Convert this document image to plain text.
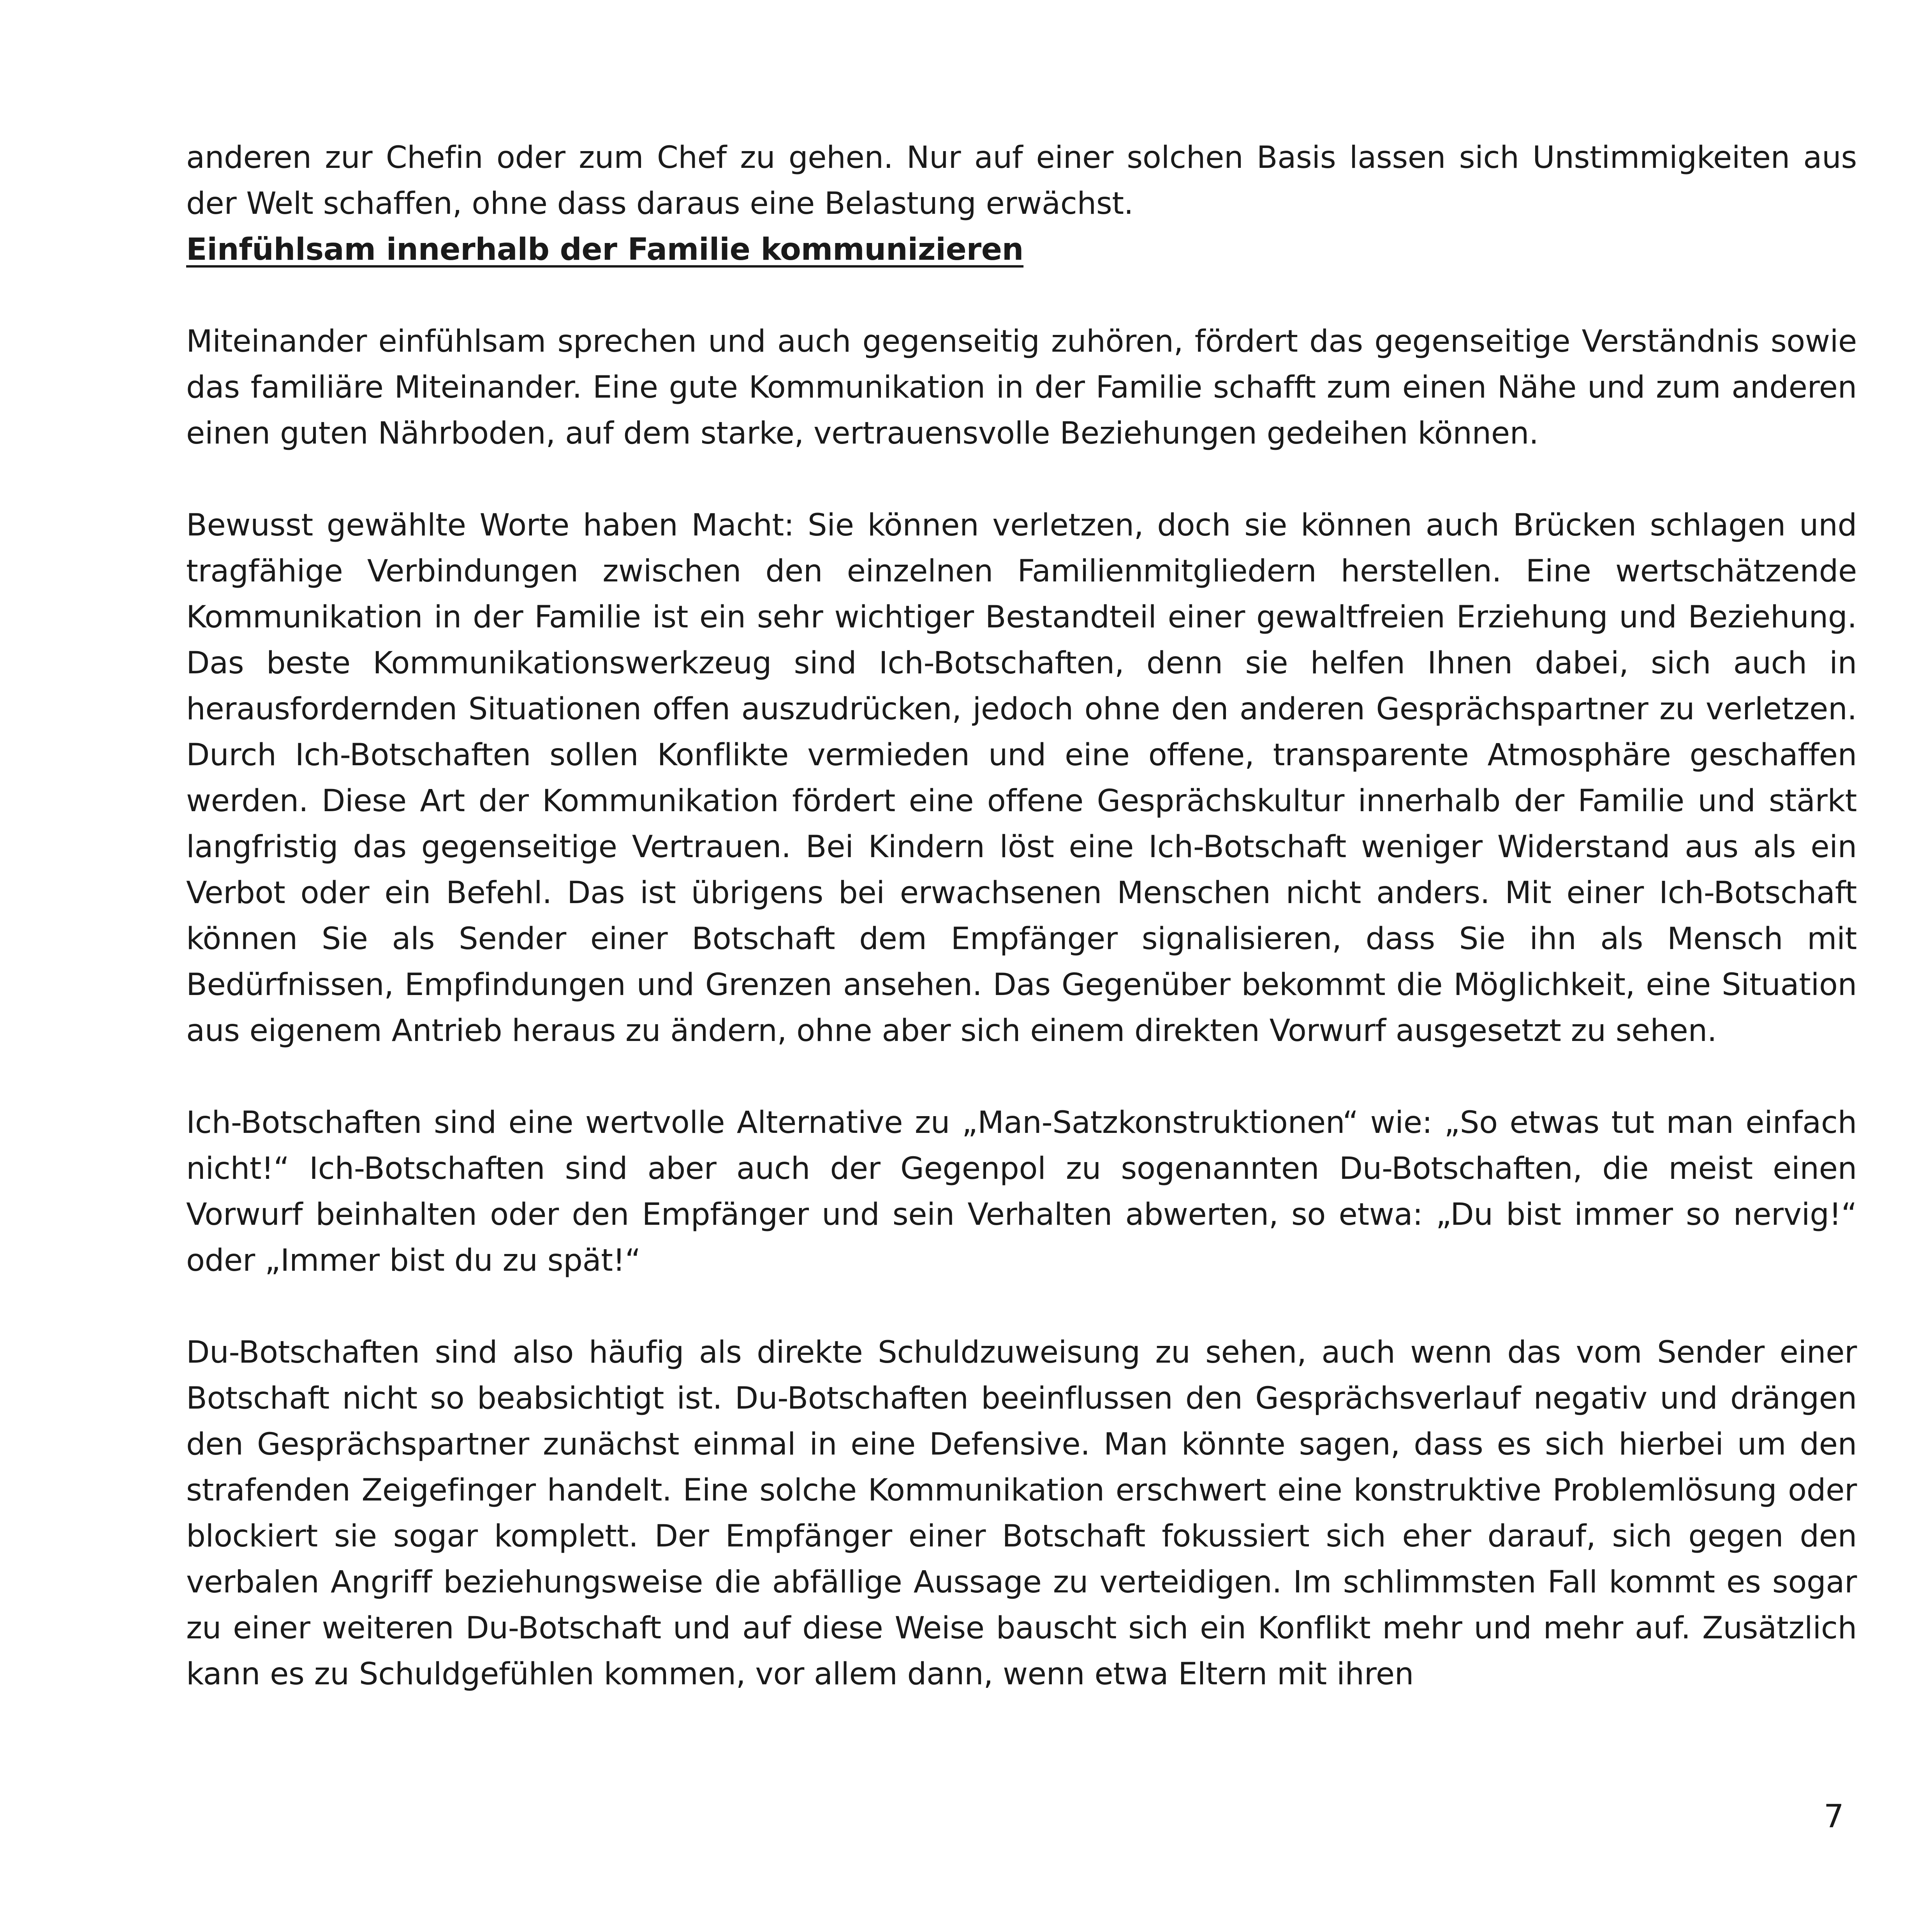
anderen zur Chefin oder zum Chef zu gehen. Nur auf einer solchen Basis lassen sich Unstimmigkeiten aus der Welt schaffen, ohne dass daraus eine Belastung erwächst.

Einfühlsam innerhalb der Familie kommunizieren

Miteinander einfühlsam sprechen und auch gegenseitig zuhören, fördert das gegenseitige Verständnis sowie das familiäre Miteinander. Eine gute Kommunikation in der Familie schafft zum einen Nähe und zum anderen einen guten Nährboden, auf dem starke, vertrauensvolle Beziehungen gedeihen können.

Bewusst gewählte Worte haben Macht: Sie können verletzen, doch sie können auch Brücken schlagen und tragfähige Verbindungen zwischen den einzelnen Familienmitgliedern herstellen. Eine wertschätzende Kommunikation in der Familie ist ein sehr wichtiger Bestandteil einer gewaltfreien Erziehung und Beziehung. Das beste Kommunikationswerkzeug sind Ich-Botschaften, denn sie helfen Ihnen dabei, sich auch in herausfordernden Situationen offen auszudrücken, jedoch ohne den anderen Gesprächspartner zu verletzen. Durch Ich-Botschaften sollen Konflikte vermieden und eine offene, transparente Atmosphäre geschaffen werden. Diese Art der Kommunikation fördert eine offene Gesprächskultur innerhalb der Familie und stärkt langfristig das gegenseitige Vertrauen. Bei Kindern löst eine Ich-Botschaft weniger Widerstand aus als ein Verbot oder ein Befehl. Das ist übrigens bei erwachsenen Menschen nicht anders. Mit einer Ich-Botschaft können Sie als Sender einer Botschaft dem Empfänger signalisieren, dass Sie ihn als Mensch mit Bedürfnissen, Empfindungen und Grenzen ansehen. Das Gegenüber bekommt die Möglichkeit, eine Situation aus eigenem Antrieb heraus zu ändern, ohne aber sich einem direkten Vorwurf ausgesetzt zu sehen.

Ich-Botschaften sind eine wertvolle Alternative zu „Man-Satzkonstruktionen“ wie: „So etwas tut man einfach nicht!“ Ich-Botschaften sind aber auch der Gegenpol zu sogenannten Du-Botschaften, die meist einen Vorwurf beinhalten oder den Empfänger und sein Verhalten abwerten, so etwa: „Du bist immer so nervig!“ oder „Immer bist du zu spät!“

Du-Botschaften sind also häufig als direkte Schuldzuweisung zu sehen, auch wenn das vom Sender einer Botschaft nicht so beabsichtigt ist. Du-Botschaften beeinflussen den Gesprächsverlauf negativ und drängen den Gesprächspartner zunächst einmal in eine Defensive. Man könnte sagen, dass es sich hierbei um den strafenden Zeigefinger handelt. Eine solche Kommunikation erschwert eine konstruktive Problemlösung oder blockiert sie sogar komplett. Der Empfänger einer Botschaft fokussiert sich eher darauf, sich gegen den verbalen Angriff beziehungsweise die abfällige Aussage zu verteidigen. Im schlimmsten Fall kommt es sogar zu einer weiteren Du-Botschaft und auf diese Weise bauscht sich ein Konflikt mehr und mehr auf. Zusätzlich kann es zu Schuldgefühlen kommen, vor allem dann, wenn etwa Eltern mit ihren

7
